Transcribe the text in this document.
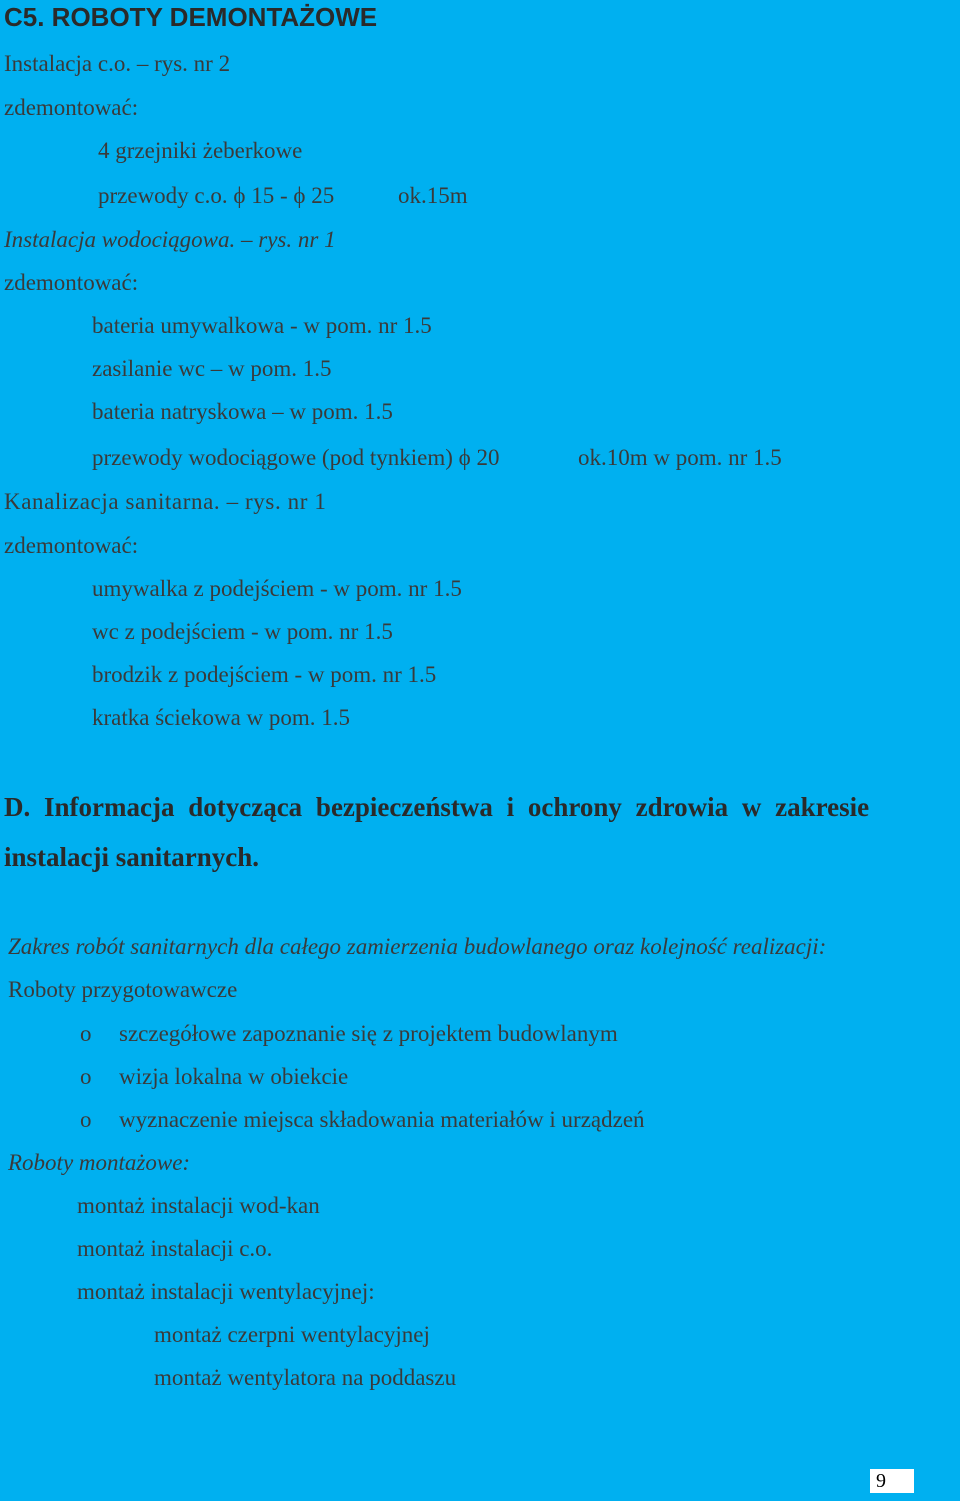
C5. ROBOTY DEMONTAŻOWE
Instalacja c.o. – rys. nr 2
zdemontować:
4 grzejniki żeberkowe
przewody c.o. ϕ 15 - ϕ 25	ok.15m
Instalacja wodociągowa. – rys. nr 1
zdemontować:
bateria umywalkowa - w pom. nr 1.5
zasilanie wc – w pom. 1.5
bateria natryskowa – w pom. 1.5
przewody wodociągowe (pod tynkiem) ϕ 20	ok.10m w pom. nr 1.5
Kanalizacja sanitarna. – rys. nr 1
zdemontować:
umywalka z podejściem - w pom. nr 1.5
wc z podejściem - w pom. nr 1.5
brodzik z podejściem - w pom. nr 1.5
kratka ściekowa w pom. 1.5
D. Informacja dotycząca bezpieczeństwa i ochrony zdrowia w zakresie
instalacji sanitarnych.
Zakres robót sanitarnych dla całego zamierzenia budowlanego oraz kolejność realizacji:
Roboty przygotowawcze
o szczegółowe zapoznanie się z projektem budowlanym
o wizja lokalna w obiekcie
o wyznaczenie miejsca składowania materiałów i urządzeń
Roboty montażowe:
montaż instalacji wod-kan
montaż instalacji c.o.
montaż instalacji wentylacyjnej:
montaż czerpni wentylacyjnej
montaż wentylatora na poddaszu
9
